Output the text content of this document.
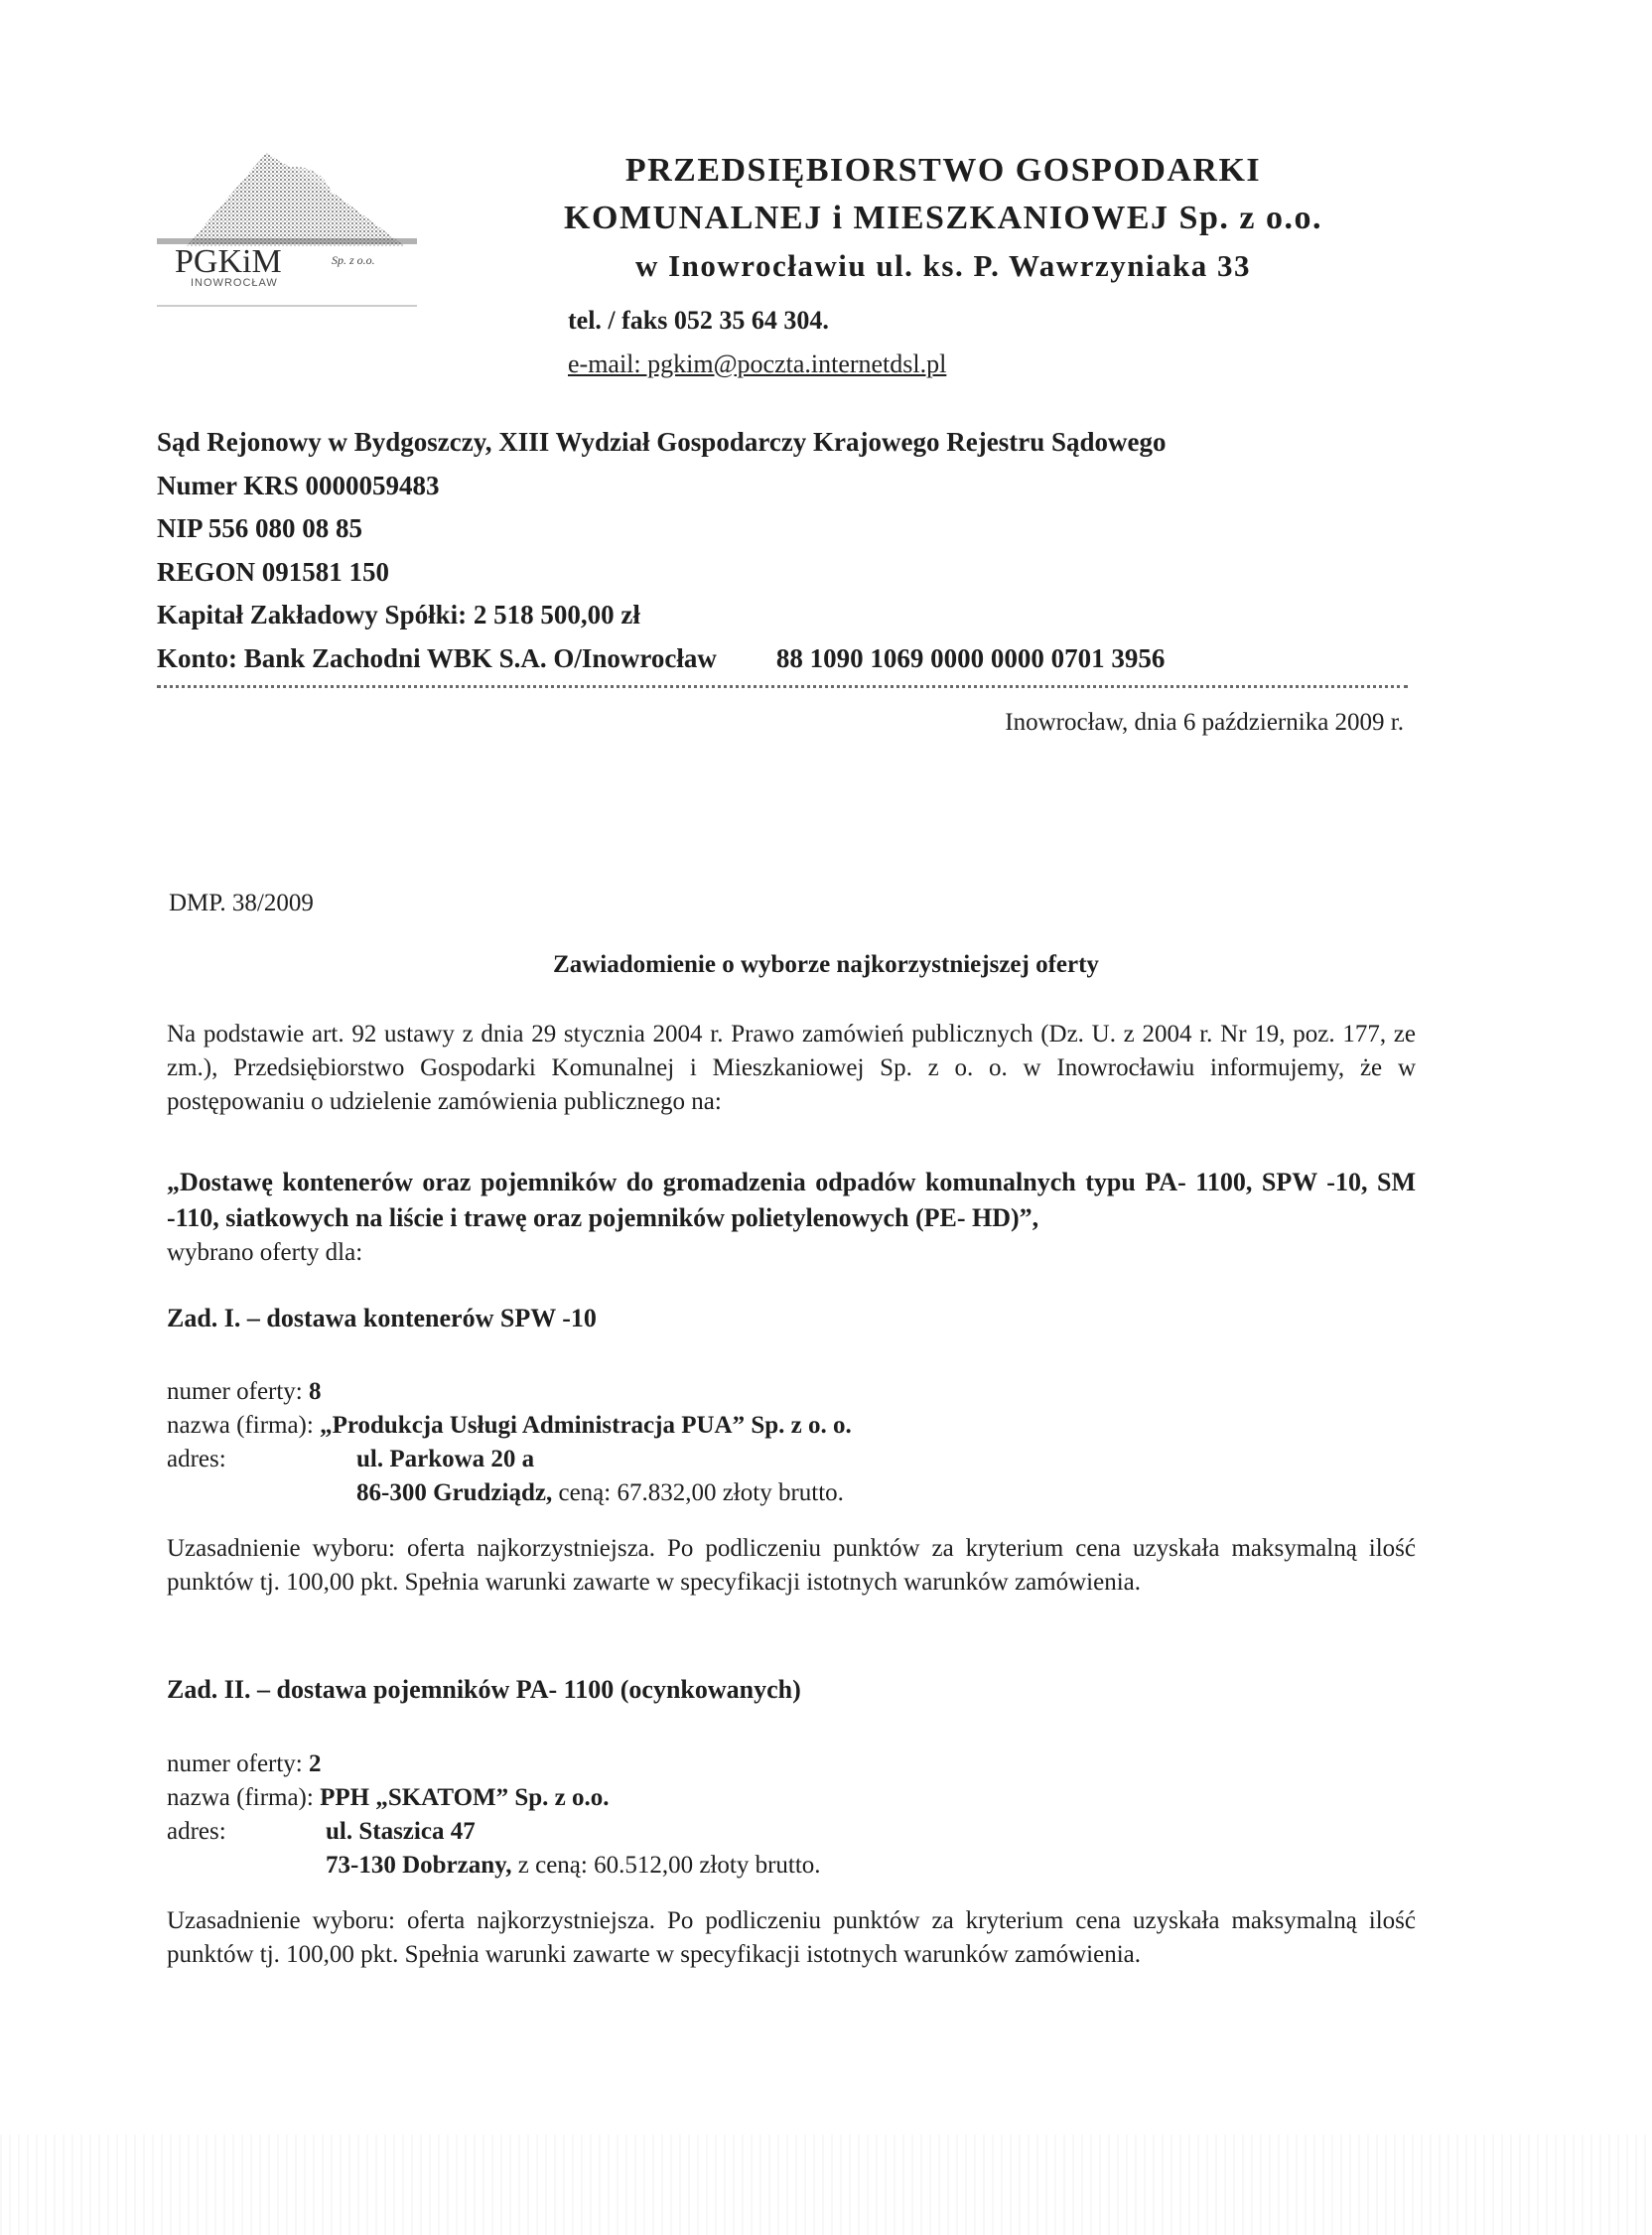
PGKiM	Sp. z o.o.
INOWROCŁAW
PRZEDSIĘBIORSTWO GOSPODARKI
KOMUNALNEJ i MIESZKANIOWEJ Sp. z o.o.
w Inowrocławiu ul. ks. P. Wawrzyniaka 33
tel. / faks 052 35 64 304.
e-mail: pgkim@poczta.internetdsl.pl
Sąd Rejonowy w Bydgoszczy, XIII Wydział Gospodarczy Krajowego Rejestru Sądowego
Numer KRS 0000059483
NIP 556 080 08 85
REGON 091581 150
Kapitał Zakładowy Spółki: 2 518 500,00 zł
Konto: Bank Zachodni WBK S.A. O/Inowrocław 88 1090 1069 0000 0000 0701 3956
Inowrocław, dnia 6 października 2009 r.
DMP. 38/2009
Zawiadomienie o wyborze najkorzystniejszej oferty
Na podstawie art. 92 ustawy z dnia 29 stycznia 2004 r. Prawo zamówień publicznych (Dz. U. z 2004 r. Nr 19, poz. 177, ze zm.), Przedsiębiorstwo Gospodarki Komunalnej i Mieszkaniowej Sp. z o. o. w Inowrocławiu informujemy, że w postępowaniu o udzielenie zamówienia publicznego na:
„Dostawę kontenerów oraz pojemników do gromadzenia odpadów komunalnych typu PA- 1100, SPW -10, SM -110, siatkowych na liście i trawę oraz pojemników polietylenowych (PE- HD)”,
wybrano oferty dla:
Zad. I. – dostawa kontenerów SPW -10
numer oferty: 8
nazwa (firma): „Produkcja Usługi Administracja PUA” Sp. z o. o.
adres:	ul. Parkowa 20 a
86-300 Grudziądz, ceną: 67.832,00 złoty brutto.
Uzasadnienie wyboru: oferta najkorzystniejsza. Po podliczeniu punktów za kryterium cena uzyskała maksymalną ilość punktów tj. 100,00 pkt. Spełnia warunki zawarte w specyfikacji istotnych warunków zamówienia.
Zad. II. – dostawa pojemników PA- 1100 (ocynkowanych)
numer oferty: 2
nazwa (firma): PPH „SKATOM” Sp. z o.o.
adres:	ul. Staszica 47
73-130 Dobrzany, z ceną: 60.512,00 złoty brutto.
Uzasadnienie wyboru: oferta najkorzystniejsza. Po podliczeniu punktów za kryterium cena uzyskała maksymalną ilość punktów tj. 100,00 pkt. Spełnia warunki zawarte w specyfikacji istotnych warunków zamówienia.
